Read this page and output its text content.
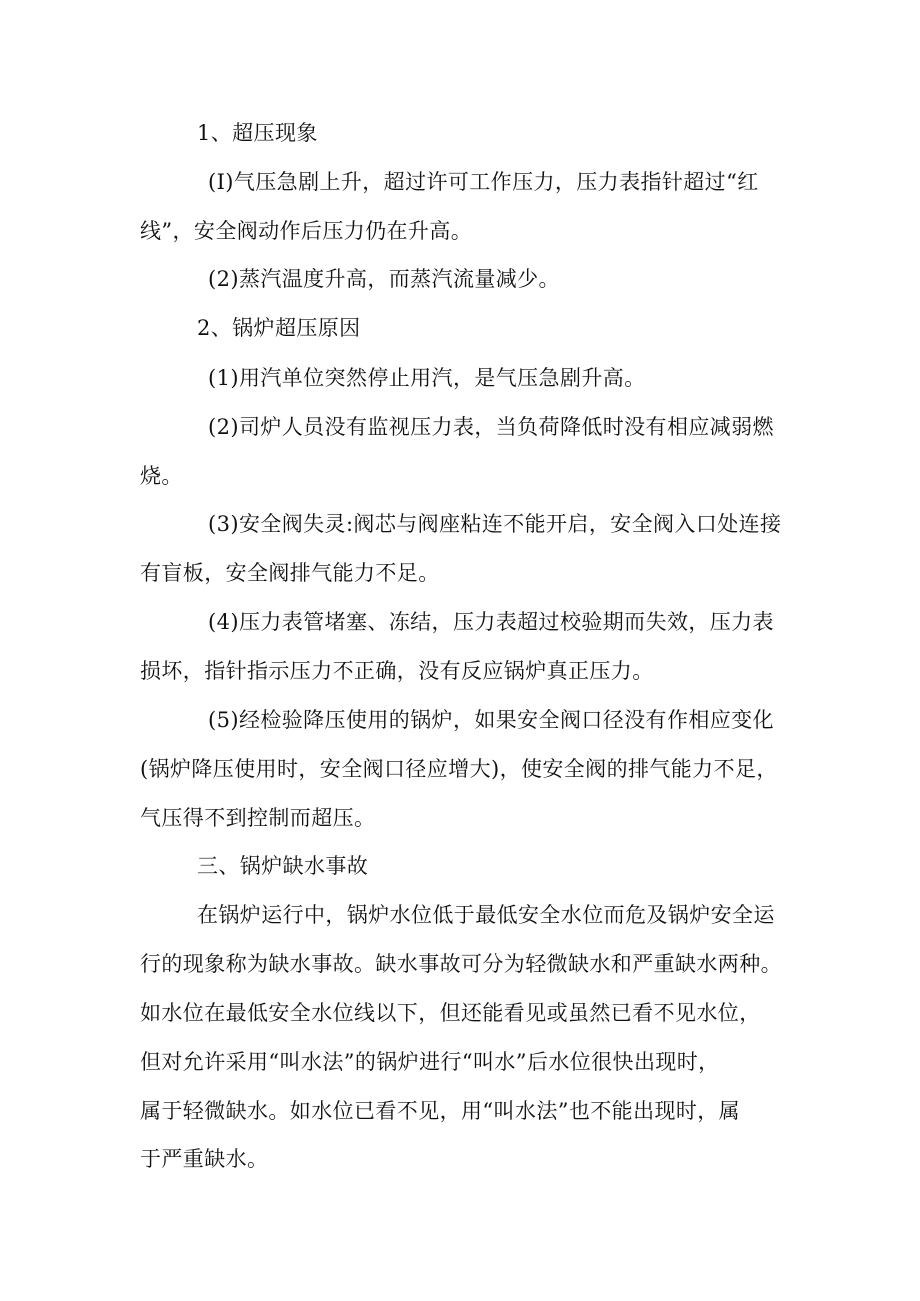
1、超压现象
(I)气压急剧上升，超过许可工作压力，压力表指针超过“红
线”，安全阀动作后压力仍在升高。
(2)蒸汽温度升高，而蒸汽流量减少。
2、锅炉超压原因
(1)用汽单位突然停止用汽，是气压急剧升高。
(2)司炉人员没有监视压力表，当负荷降低时没有相应减弱燃
烧。
(3)安全阀失灵:阀芯与阀座粘连不能开启，安全阀入口处连接
有盲板，安全阀排气能力不足。
(4)压力表管堵塞、冻结，压力表超过校验期而失效，压力表
损坏，指针指示压力不正确，没有反应锅炉真正压力。
(5)经检验降压使用的锅炉，如果安全阀口径没有作相应变化
(锅炉降压使用时，安全阀口径应增大)，使安全阀的排气能力不足，
气压得不到控制而超压。
三、锅炉缺水事故
在锅炉运行中，锅炉水位低于最低安全水位而危及锅炉安全运
行的现象称为缺水事故。缺水事故可分为轻微缺水和严重缺水两种。
如水位在最低安全水位线以下，但还能看见或虽然已看不见水位，
但对允许采用“叫水法”的锅炉进行“叫水”后水位很快出现时，
属于轻微缺水。如水位已看不见，用“叫水法”也不能出现时，属
于严重缺水。
